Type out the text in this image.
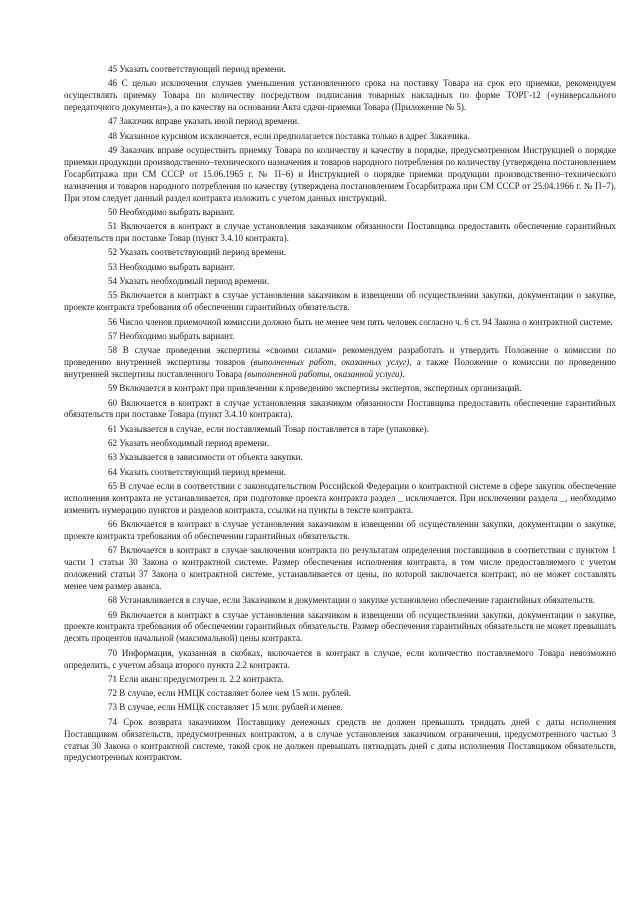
45 Указать соответствующий период времени.

46 С целью исключения случаев уменьшения установленного срока на поставку Товара на срок его приемки, рекомендуем осуществлять приемку Товара по количеству посредством подписания товарных накладных по форме ТОРГ-12 («универсального передаточного документа»), а по качеству на основании Акта сдачи-приемки Товара (Приложение № 5).

47 Заказчик вправе указать иной период времени.

48 Указанное курсивом исключается, если предполагается поставка только в адрес Заказчика.

49 Заказчик вправе осуществить приемку Товара по количеству и качеству в порядке, предусмотренном Инструкцией о порядке приемки продукции производственно–технического назначения и товаров народного потребления по количеству (утверждена постановлением Госарбитража при СМ СССР от 15.06.1965 г. № П–6) и Инструкцией о порядке приемки продукции производственно–технического назначения и товаров народного потребления по качеству (утверждена постановлением Госарбитража при СМ СССР от 25.04.1966 г. № П–7). При этом следует данный раздел контракта изложить с учетом данных инструкций.

50 Необходимо выбрать вариант.

51 Включается в контракт в случае установления заказчиком обязанности Поставщика предоставить обеспечение гарантийных обязательств при поставке Товар (пункт 3.4.10 контракта).

52 Указать соответствующий период времени.

53 Необходимо выбрать вариант.

54 Указать необходимый период времени.

55 Включается в контракт в случае установления заказчиком в извещении об осуществлении закупки, документации о закупке, проекте контракта требования об обеспечении гарантийных обязательств.

56 Число членов приемочной комиссии должно быть не менее чем пять человек согласно ч. 6 ст. 94 Закона о контрактной системе.

57 Необходимо выбрать вариант.

58 В случае проведения экспертизы «своими силами» рекомендуем разработать и утвердить Положение о комиссии по проведению внутренней экспертизы товаров (выполненных работ, оказанных услуг), а также Положение о комиссии по проведению внутренней экспертизы поставленного Товара (выполненной работы, оказанной услуги).

59 Включается в контракт при привлечении к проведению экспертизы экспертов, экспертных организаций.

60 Включается в контракт в случае установления заказчиком обязанности Поставщика предоставить обеспечение гарантийных обязательств при поставке Товара (пункт 3.4.10 контракта).

61 Указывается в случае, если поставляемый Товар поставляется в таре (упаковке).

62 Указать необходимый период времени.

63 Указывается в зависимости от объекта закупки.

64 Указать соответствующий период времени.

65 В случае если в соответствии с законодательством Российской Федерации о контрактной системе в сфере закупок обеспечение исполнения контракта не устанавливается, при подготовке проекта контракта раздел _ исключается. При исключении раздела _, необходимо изменить нумерацию пунктов и разделов контракта, ссылки на пункты в тексте контракта.

66 Включается в контракт в случае установления заказчиком в извещении об осуществлении закупки, документации о закупке, проекте контракта требования об обеспечении гарантийных обязательств.

67 Включается в контракт в случае заключения контракта по результатам определения поставщиков в соответствии с пунктом 1 части 1 статьи 30 Закона о контрактной системе. Размер обеспечения исполнения контракта, в том числе предоставляемого с учетом положений статьи 37 Закона о контрактной системе, устанавливается от цены, по которой заключается контракт, но не может составлять менее чем размер аванса.

68 Устанавливается в случае, если Заказчиком в документации о закупке установлено обеспечение гарантийных обязательств.

69 Включается в контракт в случае установления заказчиком в извещении об осуществлении закупки, документации о закупке, проекте контракта требования об обеспечении гарантийных обязательств. Размер обеспечения гарантийных обязательств не может превышать десять процентов начальной (максимальной) цены контракта.

70 Информация, указанная в скобках, включается в контракт в случае, если количество поставляемого Товара невозможно определить, с учетом абзаца второго пункта 2.2 контракта.

71 Если аванс предусмотрен п. 2.2 контракта.

72 В случае, если НМЦК составляет более чем 15 млн. рублей.

73 В случае, если НМЦК составляет 15 млн. рублей и менее.

74 Срок возврата заказчиком Поставщику денежных средств не должен превышать тридцать дней с даты исполнения Поставщиком обязательств, предусмотренных контрактом, а в случае установления заказчиком ограничения, предусмотренного частью 3 статьи 30 Закона о контрактной системе, такой срок не должен превышать пятнадцать дней с даты исполнения Поставщиком обязательств, предусмотренных контрактом.
